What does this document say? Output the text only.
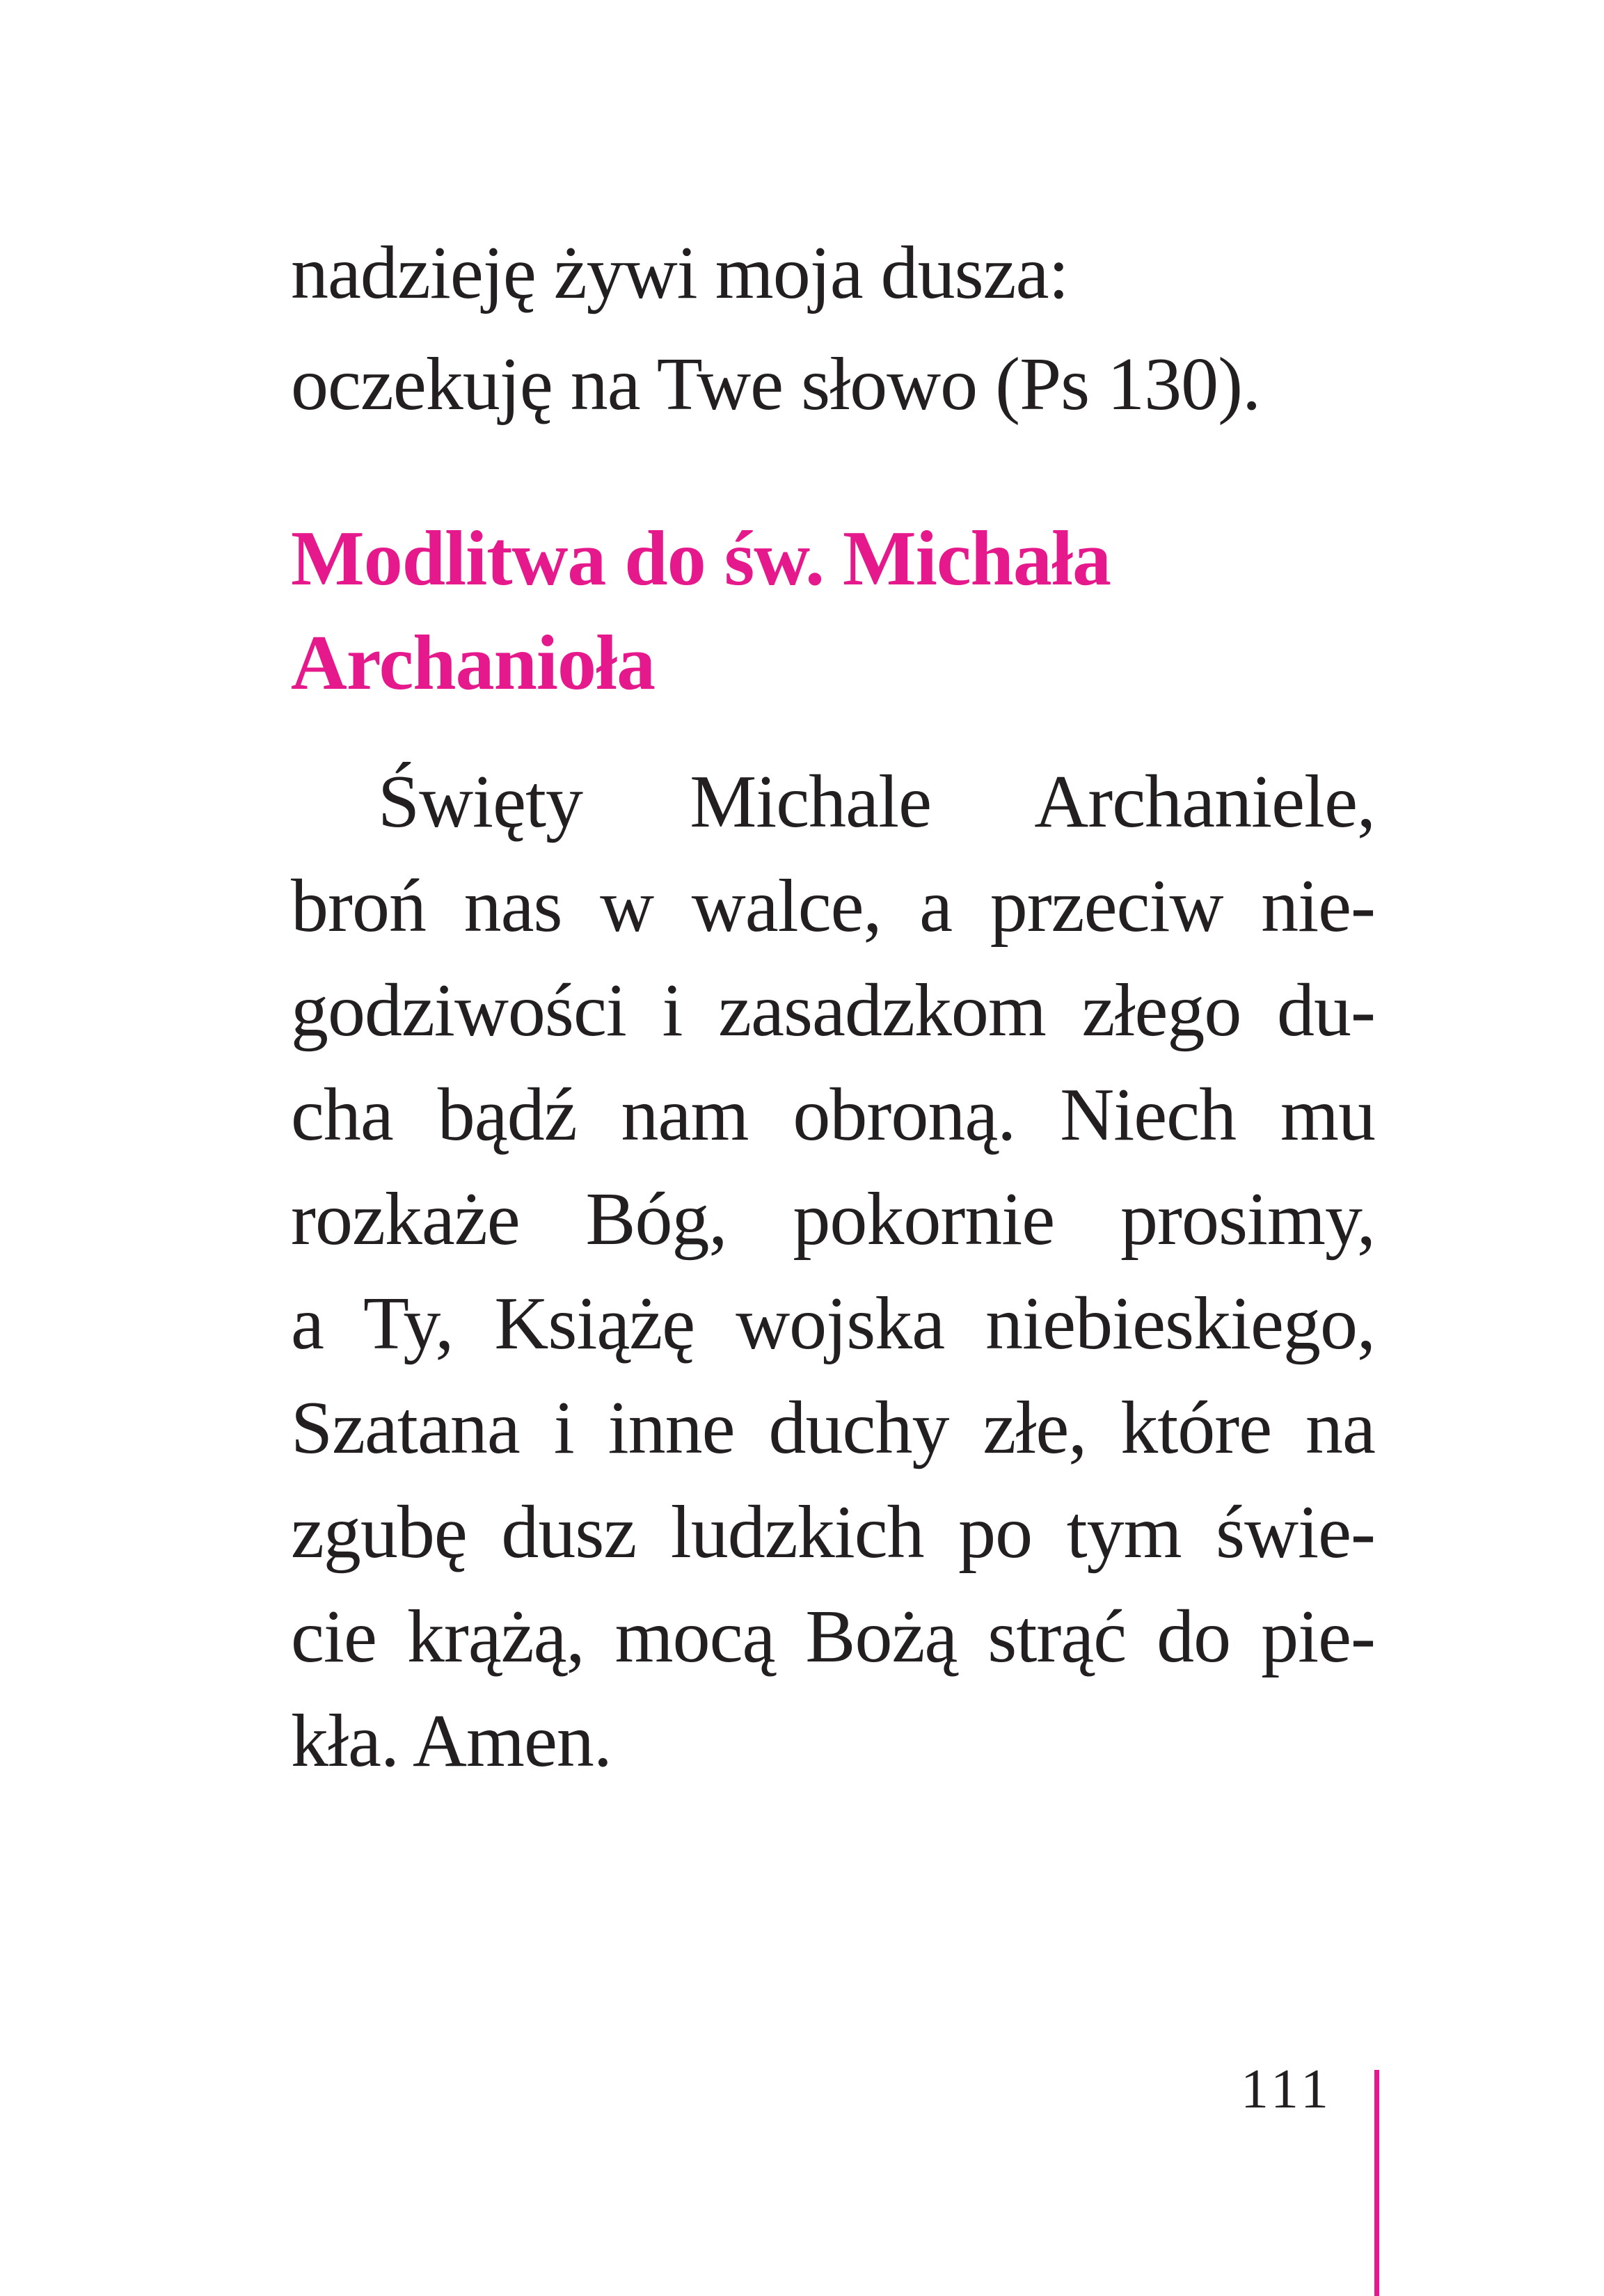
nadzieję żywi moja dusza:
oczekuję na Twe słowo (Ps 130).
Modlitwa do św. Michała
Archanioła
Święty Michale Archaniele,
broń nas w walce, a przeciw nie-
godziwości i zasadzkom złego du-
cha bądź nam obroną. Niech mu
rozkaże Bóg, pokornie prosimy,
a Ty, Książę wojska niebieskiego,
Szatana i inne duchy złe, które na
zgubę dusz ludzkich po tym świe-
cie krążą, mocą Bożą strąć do pie-
kła. Amen.
111
